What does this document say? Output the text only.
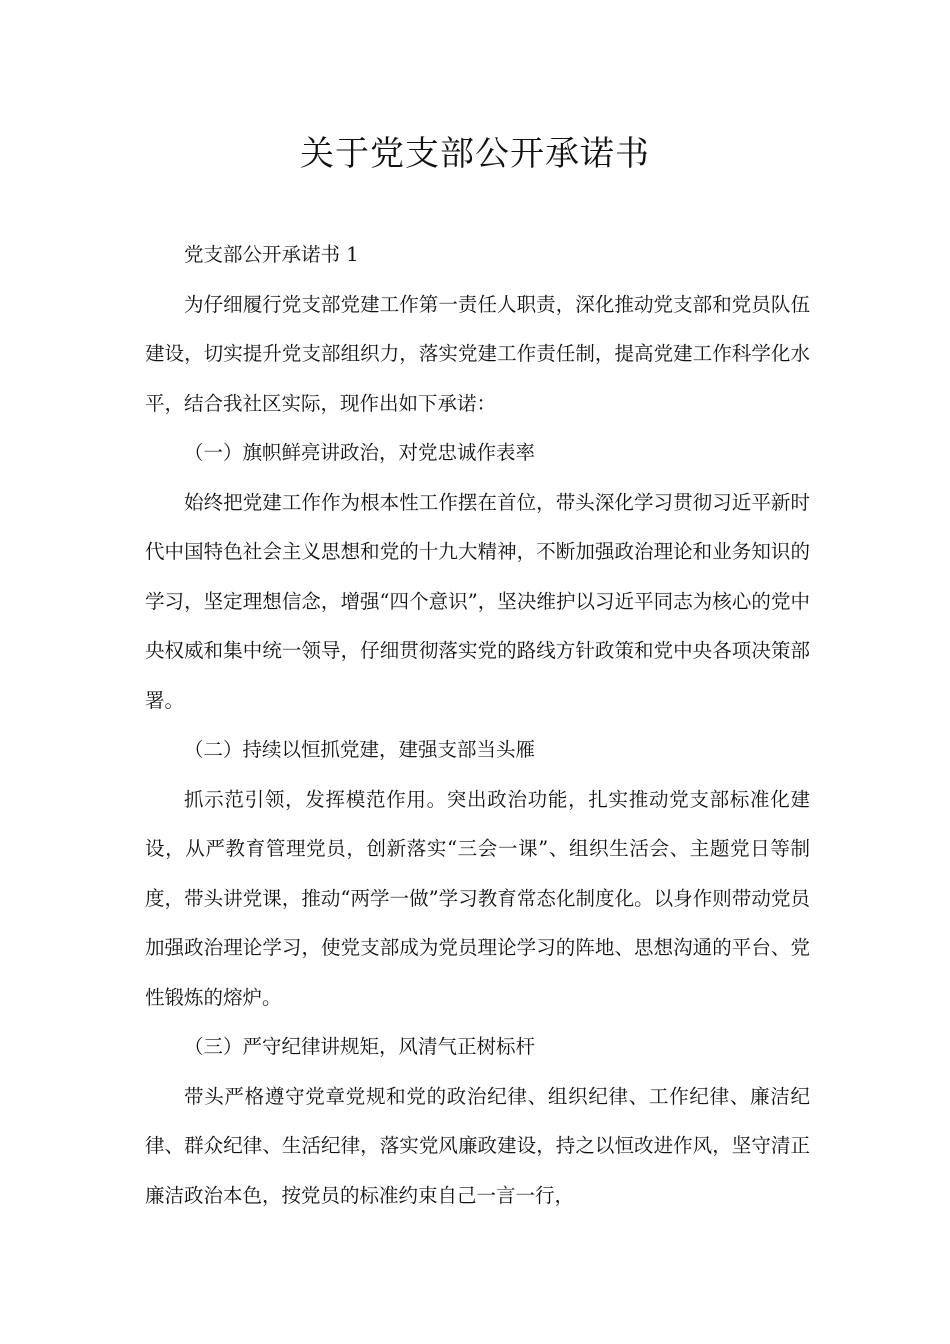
关于党支部公开承诺书

党支部公开承诺书 1

为仔细履行党支部党建工作第一责任人职责，深化推动党支部和党员队伍建设，切实提升党支部组织力，落实党建工作责任制，提高党建工作科学化水平，结合我社区实际，现作出如下承诺：

（一）旗帜鲜亮讲政治，对党忠诚作表率

始终把党建工作作为根本性工作摆在首位，带头深化学习贯彻习近平新时代中国特色社会主义思想和党的十九大精神，不断加强政治理论和业务知识的学习，坚定理想信念，增强“四个意识”，坚决维护以习近平同志为核心的党中央权威和集中统一领导，仔细贯彻落实党的路线方针政策和党中央各项决策部署。

（二）持续以恒抓党建，建强支部当头雁

抓示范引领，发挥模范作用。突出政治功能，扎实推动党支部标准化建设，从严教育管理党员，创新落实“三会一课”、组织生活会、主题党日等制度，带头讲党课，推动“两学一做”学习教育常态化制度化。以身作则带动党员加强政治理论学习，使党支部成为党员理论学习的阵地、思想沟通的平台、党性锻炼的熔炉。

（三）严守纪律讲规矩，风清气正树标杆

带头严格遵守党章党规和党的政治纪律、组织纪律、工作纪律、廉洁纪律、群众纪律、生活纪律，落实党风廉政建设，持之以恒改进作风，坚守清正廉洁政治本色，按党员的标准约束自己一言一行，
